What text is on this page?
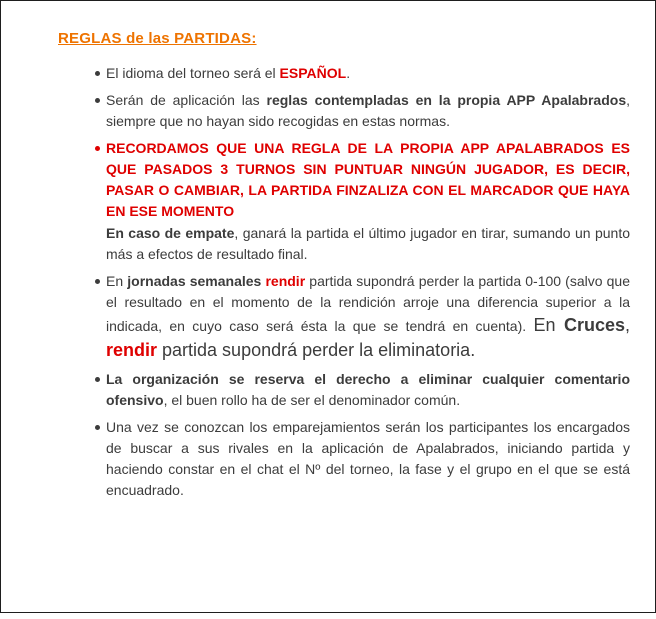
REGLAS de las PARTIDAS:

El idioma del torneo será el ESPAÑOL.

Serán de aplicación las reglas contempladas en la propia APP Apalabrados, siempre que no hayan sido recogidas en estas normas.

RECORDAMOS QUE UNA REGLA DE LA PROPIA APP APALABRADOS ES QUE PASADOS 3 TURNOS SIN PUNTUAR NINGÚN JUGADOR, ES DECIR, PASAR O CAMBIAR, LA PARTIDA FINZALIZA CON EL MARCADOR QUE HAYA EN ESE MOMENTO

En caso de empate, ganará la partida el último jugador en tirar, sumando un punto más a efectos de resultado final.

En jornadas semanales rendir partida supondrá perder la partida 0-100 (salvo que el resultado en el momento de la rendición arroje una diferencia superior a la indicada, en cuyo caso será ésta la que se tendrá en cuenta). En Cruces, rendir partida supondrá perder la eliminatoria.

La organización se reserva el derecho a eliminar cualquier comentario ofensivo, el buen rollo ha de ser el denominador común.

Una vez se conozcan los emparejamientos serán los participantes los encargados de buscar a sus rivales en la aplicación de Apalabrados, iniciando partida y haciendo constar en el chat el Nº del torneo, la fase y el grupo en el que se está encuadrado.
